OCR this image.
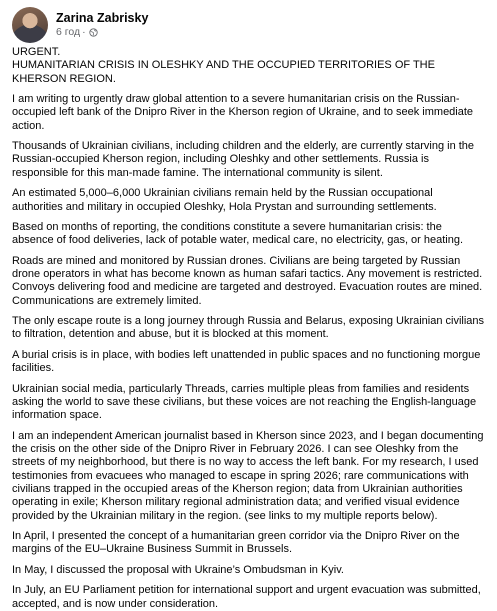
Zarina Zabrisky
6 год ·

URGENT.

HUMANITARIAN CRISIS IN OLESHKY AND THE OCCUPIED TERRITORIES OF THE KHERSON REGION.

I am writing to urgently draw global attention to a severe humanitarian crisis on the Russian-occupied left bank of the Dnipro River in the Kherson region of Ukraine, and to seek immediate action.

Thousands of Ukrainian civilians, including children and the elderly, are currently starving in the Russian-occupied Kherson region, including Oleshky and other settlements. Russia is responsible for this man-made famine. The international community is silent.

An estimated 5,000–6,000 Ukrainian civilians remain held by the Russian occupational authorities and military in occupied Oleshky, Hola Prystan and surrounding settlements.

Based on months of reporting, the conditions constitute a severe humanitarian crisis: the absence of food deliveries, lack of potable water, medical care, no electricity, gas, or heating.

Roads are mined and monitored by Russian drones. Civilians are being targeted by Russian drone operators in what has become known as human safari tactics. Any movement is restricted. Convoys delivering food and medicine are targeted and destroyed. Evacuation routes are mined. Communications are extremely limited.

The only escape route is a long journey through Russia and Belarus, exposing Ukrainian civilians to filtration, detention and abuse, but it is blocked at this moment.

A burial crisis is in place, with bodies left unattended in public spaces and no functioning morgue facilities.

Ukrainian social media, particularly Threads, carries multiple pleas from families and residents asking the world to save these civilians, but these voices are not reaching the English-language information space.

I am an independent American journalist based in Kherson since 2023, and I began documenting the crisis on the other side of the Dnipro River in February 2026. I can see Oleshky from the streets of my neighborhood, but there is no way to access the left bank. For my research, I used testimonies from evacuees who managed to escape in spring 2026; rare communications with civilians trapped in the occupied areas of the Kherson region; data from Ukrainian authorities operating in exile; Kherson military regional administration data; and verified visual evidence provided by the Ukrainian military in the region. (see links to my multiple reports below).

In April, I presented the concept of a humanitarian green corridor via the Dnipro River on the margins of the EU–Ukraine Business Summit in Brussels.

In May, I discussed the proposal with Ukraine’s Ombudsman in Kyiv.

In July, an EU Parliament petition for international support and urgent evacuation was submitted, accepted, and is now under consideration.
